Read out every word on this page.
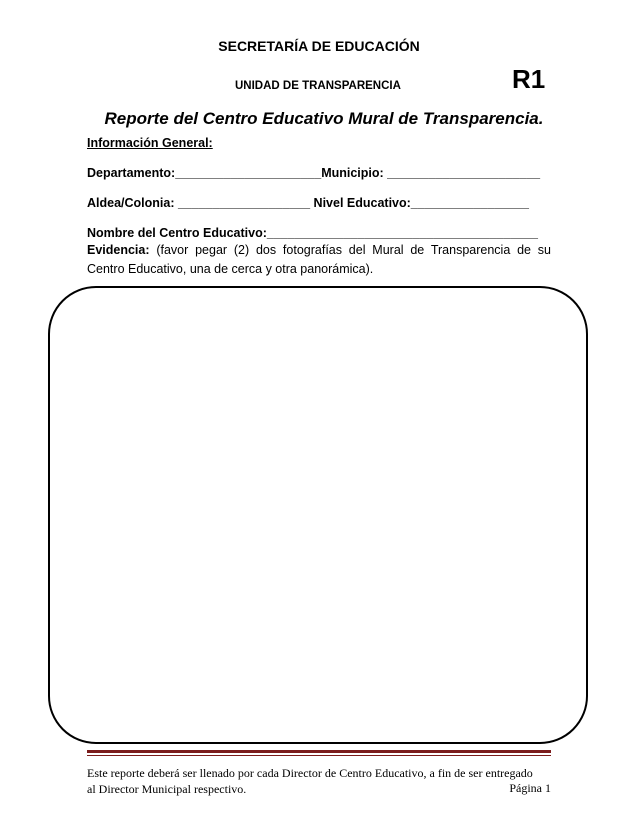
SECRETARÍA DE EDUCACIÓN
UNIDAD DE TRANSPARENCIA	R1
Reporte del Centro Educativo Mural de Transparencia.
Información General:
Departamento:_____________________Municipio: ______________________
Aldea/Colonia: ___________________ Nivel Educativo:_________________
Nombre del Centro Educativo:_______________________________________
Evidencia: (favor pegar (2) dos fotografías del Mural de Transparencia de su Centro Educativo, una de cerca y otra panorámica).
Este reporte deberá ser llenado por cada Director de Centro Educativo, a fin de ser entregado
al Director Municipal respectivo.	Página 1
